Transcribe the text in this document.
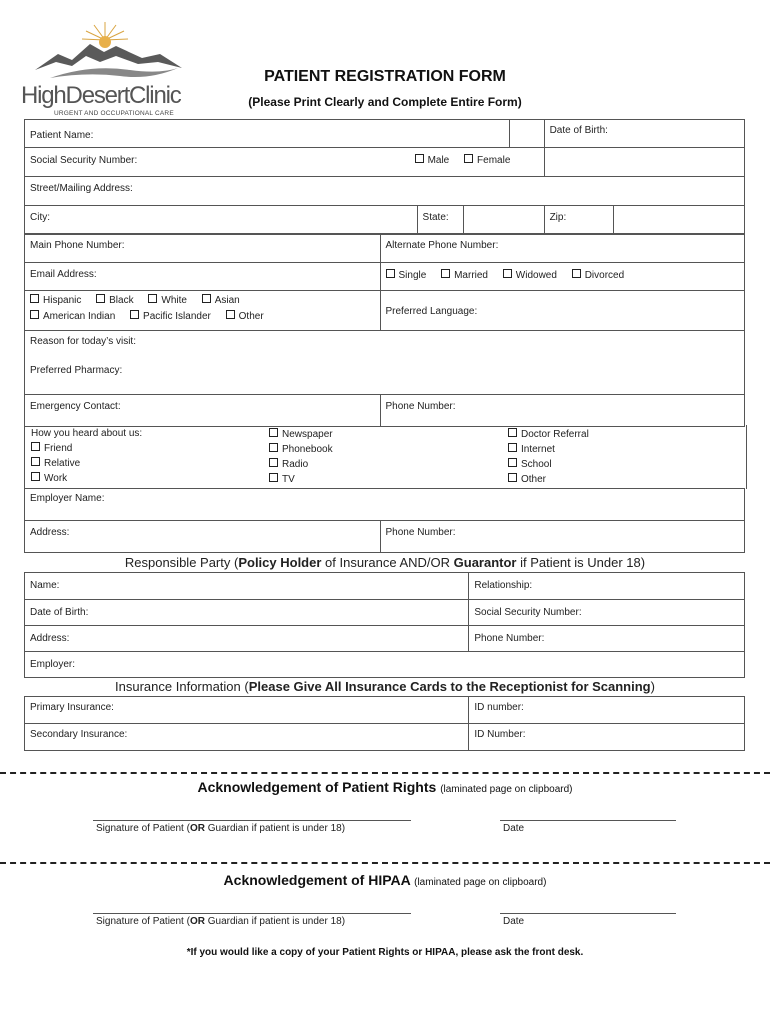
HighDesertClinic
URGENT AND OCCUPATIONAL CARE
PATIENT REGISTRATION FORM
(Please Print Clearly and Complete Entire Form)
Patient Name:		Date of Birth:

Social Security Number:		Male Female

Street/Mailing Address:		

City:	State:	Zip:
Main Phone Number:	Alternate Phone Number:

Email Address:	Single Married Widowed Divorced

Hispanic Black White Asian
American Indian Pacific Islander Other	Preferred Language:

Reason for today’s visit:
Preferred Pharmacy:	

Emergency Contact:	Phone Number:
How you heard about us:
Friend
Relative
Work
Newspaper
Phonebook
Radio
TV
Doctor Referral
Internet
School
Other
Employer Name:

Address:	Phone Number:
Responsible Party (Policy Holder of Insurance AND/OR Guarantor if Patient is Under 18)
Name:	Relationship:

Date of Birth:	Social Security Number:

Address:	Phone Number:

Employer:	
Insurance Information (Please Give All Insurance Cards to the Receptionist for Scanning)
Primary Insurance:	ID number:

Secondary Insurance:	ID Number:
Acknowledgement of Patient Rights (laminated page on clipboard)
Signature of Patient (OR Guardian if patient is under 18)	Date
Acknowledgement of HIPAA (laminated page on clipboard)
Signature of Patient (OR Guardian if patient is under 18)	Date
*If you would like a copy of your Patient Rights or HIPAA, please ask the front desk.
